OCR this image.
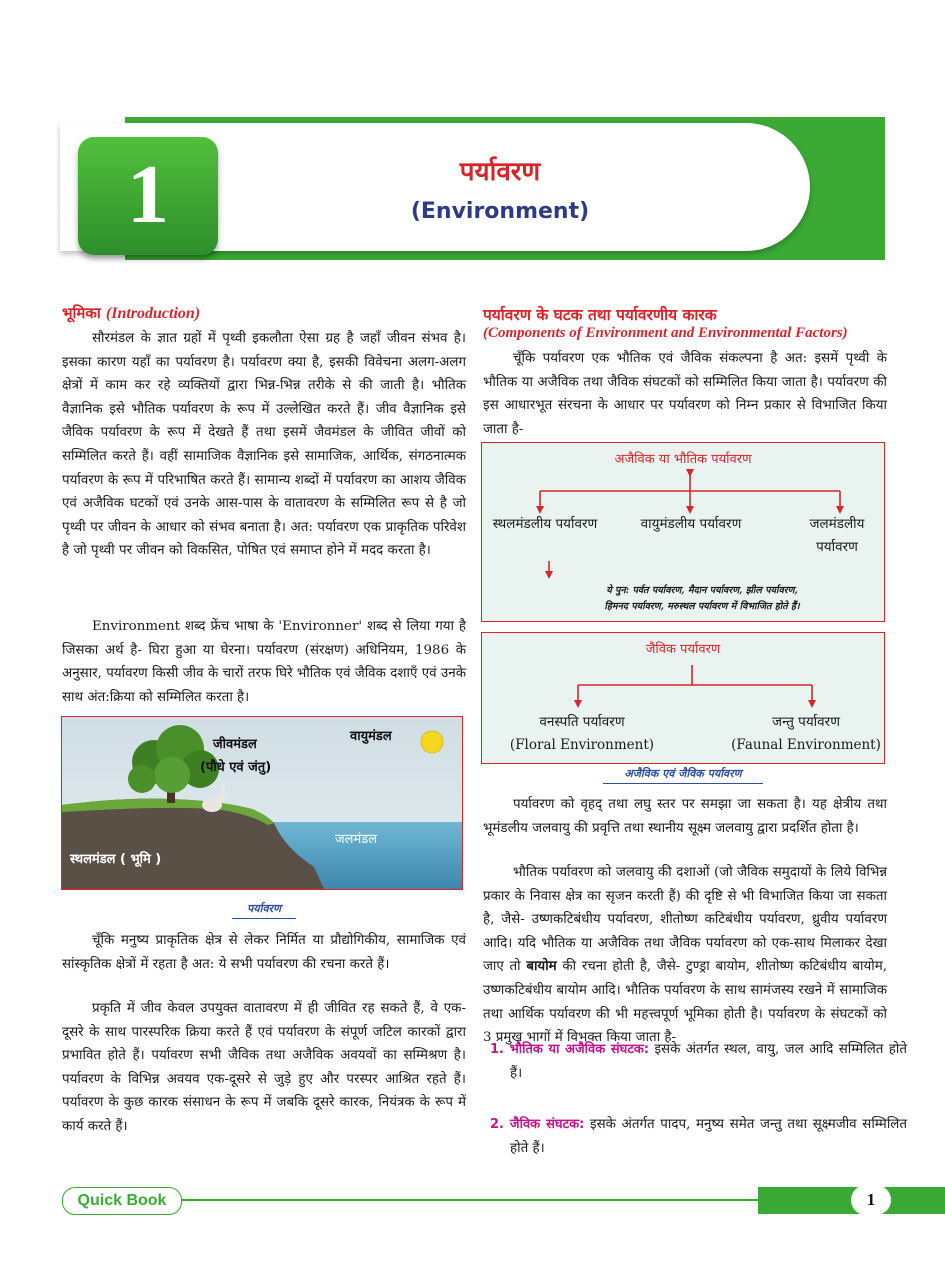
1	पर्यावरण
(Environment)
भूमिका (Introduction)

सौरमंडल के ज्ञात ग्रहों में पृथ्वी इकलौता ऐसा ग्रह है जहाँ जीवन संभव है। इसका कारण यहाँ का पर्यावरण है। पर्यावरण क्या है, इसकी विवेचना अलग-अलग क्षेत्रों में काम कर रहे व्यक्तियों द्वारा भिन्न-भिन्न तरीके से की जाती है। भौतिक वैज्ञानिक इसे भौतिक पर्यावरण के रूप में उल्लेखित करते हैं। जीव वैज्ञानिक इसे जैविक पर्यावरण के रूप में देखते हैं तथा इसमें जैवमंडल के जीवित जीवों को सम्मिलित करते हैं। वहीं सामाजिक वैज्ञानिक इसे सामाजिक, आर्थिक, संगठनात्मक पर्यावरण के रूप में परिभाषित करते हैं। सामान्य शब्दों में पर्यावरण का आशय जैविक एवं अजैविक घटकों एवं उनके आस-पास के वातावरण के सम्मिलित रूप से है जो पृथ्वी पर जीवन के आधार को संभव बनाता है। अत: पर्यावरण एक प्राकृतिक परिवेश है जो पृथ्वी पर जीवन को विकसित, पोषित एवं समाप्त होने में मदद करता है।

Environment शब्द फ्रेंच भाषा के 'Environner' शब्द से लिया गया है जिसका अर्थ है- घिरा हुआ या घेरना। पर्यावरण (संरक्षण) अधिनियम, 1986 के अनुसार, पर्यावरण किसी जीव के चारों तरफ घिरे भौतिक एवं जैविक दशाएँ एवं उनके साथ अंत:क्रिया को सम्मिलित करता है।

जीवमंडल
(पौधे एवं जंतु)
वायुमंडल
जलमंडल
स्थलमंडल ( भूमि )
पर्यावरण

चूँकि मनुष्य प्राकृतिक क्षेत्र से लेकर निर्मित या प्रौद्योगिकीय, सामाजिक एवं सांस्कृतिक क्षेत्रों में रहता है अत: ये सभी पर्यावरण की रचना करते हैं।

प्रकृति में जीव केवल उपयुक्त वातावरण में ही जीवित रह सकते हैं, वे एक-दूसरे के साथ पारस्परिक क्रिया करते हैं एवं पर्यावरण के संपूर्ण जटिल कारकों द्वारा प्रभावित होते हैं। पर्यावरण सभी जैविक तथा अजैविक अवयवों का सम्मिश्रण है। पर्यावरण के विभिन्न अवयव एक-दूसरे से जुड़े हुए और परस्पर आश्रित रहते हैं। पर्यावरण के कुछ कारक संसाधन के रूप में जबकि दूसरे कारक, नियंत्रक के रूप में कार्य करते हैं।

पर्यावरण के घटक तथा पर्यावरणीय कारक
(Components of Environment and Environmental Factors)

चूँकि पर्यावरण एक भौतिक एवं जैविक संकल्पना है अत: इसमें पृथ्वी के भौतिक या अजैविक तथा जैविक संघटकों को सम्मिलित किया जाता है। पर्यावरण की इस आधारभूत संरचना के आधार पर पर्यावरण को निम्न प्रकार से विभाजित किया जाता है-

अजैविक या भौतिक पर्यावरण
स्थलमंडलीय पर्यावरण	वायुमंडलीय पर्यावरण	जलमंडलीय पर्यावरण
ये पुन: पर्वत पर्यावरण, मैदान पर्यावरण, झील पर्यावरण,
हिमनद पर्यावरण, मरुस्थल पर्यावरण में विभाजित होते हैं।
जैविक पर्यावरण
वनस्पति पर्यावरण
(Floral Environment)
जन्तु पर्यावरण
(Faunal Environment)
अजैविक एवं जैविक पर्यावरण

पर्यावरण को वृहद् तथा लघु स्तर पर समझा जा सकता है। यह क्षेत्रीय तथा भूमंडलीय जलवायु की प्रवृत्ति तथा स्थानीय सूक्ष्म जलवायु द्वारा प्रदर्शित होता है।

भौतिक पर्यावरण को जलवायु की दशाओं (जो जैविक समुदायों के लिये विभिन्न प्रकार के निवास क्षेत्र का सृजन करती हैं) की दृष्टि से भी विभाजित किया जा सकता है, जैसे- उष्णकटिबंधीय पर्यावरण, शीतोष्ण कटिबंधीय पर्यावरण, ध्रुवीय पर्यावरण आदि। यदि भौतिक या अजैविक तथा जैविक पर्यावरण को एक-साथ मिलाकर देखा जाए तो बायोम की रचना होती है, जैसे- टुण्ड्रा बायोम, शीतोष्ण कटिबंधीय बायोम, उष्णकटिबंधीय बायोम आदि। भौतिक पर्यावरण के साथ सामंजस्य रखने में सामाजिक तथा आर्थिक पर्यावरण की भी महत्त्वपूर्ण भूमिका होती है। पर्यावरण के संघटकों को 3 प्रमुख भागों में विभक्त किया जाता है-

1. भौतिक या अजैविक संघटक: इसके अंतर्गत स्थल, वायु, जल आदि सम्मिलित होते हैं।
2. जैविक संघटक: इसके अंतर्गत पादप, मनुष्य समेत जन्तु तथा सूक्ष्मजीव सम्मिलित होते हैं।
Quick Book	1
